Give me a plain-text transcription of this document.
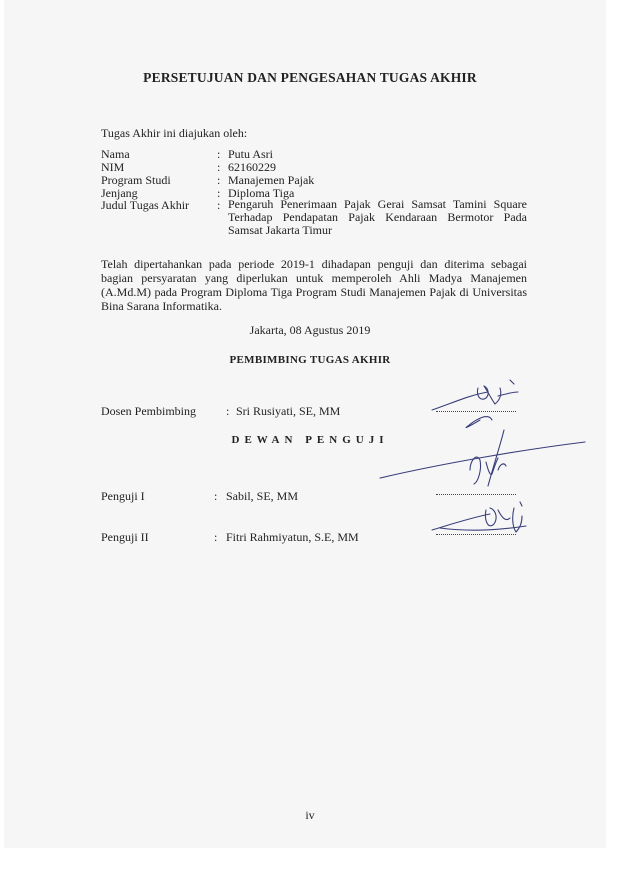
PERSETUJUAN DAN PENGESAHAN TUGAS AKHIR
Tugas Akhir ini diajukan oleh:
Nama	: Putu Asri
NIM	: 62160229
Program Studi	: Manajemen Pajak
Jenjang	: Diploma Tiga
Judul Tugas Akhir : Pengaruh Penerimaan Pajak Gerai Samsat Tamini Square Terhadap Pendapatan Pajak Kendaraan Bermotor Pada Samsat Jakarta Timur
Telah dipertahankan pada periode 2019-1 dihadapan penguji dan diterima sebagai bagian persyaratan yang diperlukan untuk memperoleh Ahli Madya Manajemen (A.Md.M) pada Program Diploma Tiga Program Studi Manajemen Pajak di Universitas Bina Sarana Informatika.
Jakarta, 08 Agustus 2019
PEMBIMBING TUGAS AKHIR
Dosen Pembimbing	: Sri Rusiyati, SE, MM
DEWAN PENGUJI
Penguji I	: Sabil, SE, MM
Penguji II	: Fitri Rahmiyatun, S.E, MM
iv
